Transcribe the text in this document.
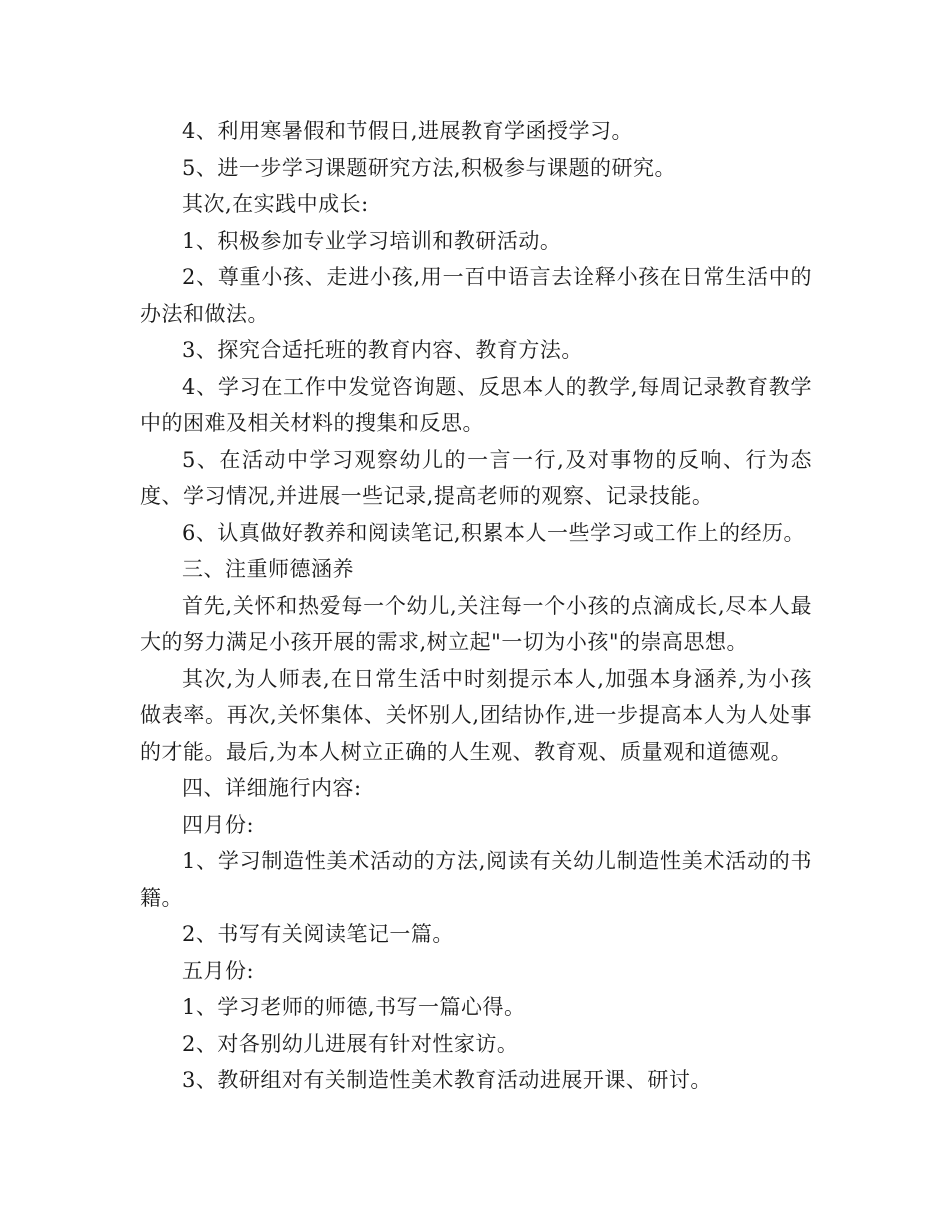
4、利用寒暑假和节假日,进展教育学函授学习。

5、进一步学习课题研究方法,积极参与课题的研究。

其次,在实践中成长:

1、积极参加专业学习培训和教研活动。

2、尊重小孩、走进小孩,用一百中语言去诠释小孩在日常生活中的办法和做法。

3、探究合适托班的教育内容、教育方法。

4、学习在工作中发觉咨询题、反思本人的教学,每周记录教育教学中的困难及相关材料的搜集和反思。

5、在活动中学习观察幼儿的一言一行,及对事物的反响、行为态度、学习情况,并进展一些记录,提高老师的观察、记录技能。

6、认真做好教养和阅读笔记,积累本人一些学习或工作上的经历。

三、注重师德涵养

首先,关怀和热爱每一个幼儿,关注每一个小孩的点滴成长,尽本人最大的努力满足小孩开展的需求,树立起"一切为小孩"的崇高思想。

其次,为人师表,在日常生活中时刻提示本人,加强本身涵养,为小孩做表率。再次,关怀集体、关怀别人,团结协作,进一步提高本人为人处事的才能。最后,为本人树立正确的人生观、教育观、质量观和道德观。

四、详细施行内容:

四月份:

1、学习制造性美术活动的方法,阅读有关幼儿制造性美术活动的书籍。

2、书写有关阅读笔记一篇。

五月份:

1、学习老师的师德,书写一篇心得。

2、对各别幼儿进展有针对性家访。

3、教研组对有关制造性美术教育活动进展开课、研讨。
